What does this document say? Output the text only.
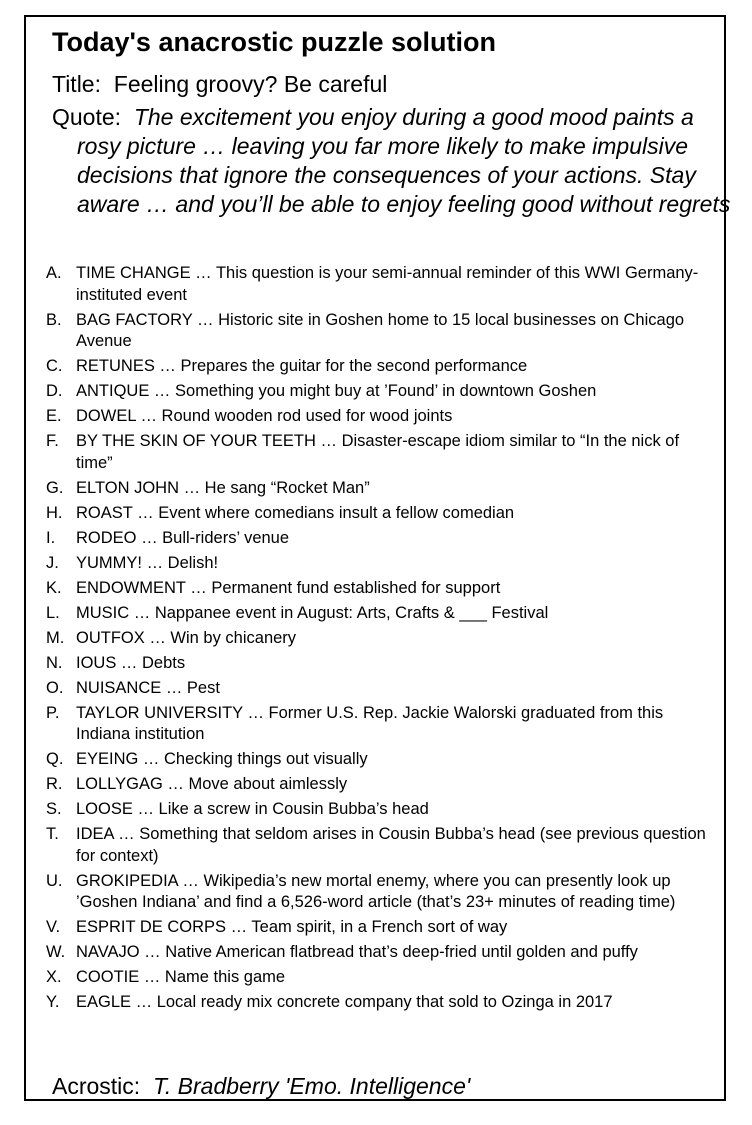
Today's anacrostic puzzle solution
Title: Feeling groovy? Be careful
Quote: The excitement you enjoy during a good mood paints a rosy picture … leaving you far more likely to make impulsive decisions that ignore the consequences of your actions. Stay aware … and you’ll be able to enjoy feeling good without regrets
A. TIME CHANGE … This question is your semi-annual reminder of this WWI Germany-instituted event
B. BAG FACTORY … Historic site in Goshen home to 15 local businesses on Chicago Avenue
C. RETUNES … Prepares the guitar for the second performance
D. ANTIQUE … Something you might buy at ’Found’ in downtown Goshen
E. DOWEL … Round wooden rod used for wood joints
F.	BY THE SKIN OF YOUR TEETH … Disaster-escape idiom similar to “In the nick of time”
G. ELTON JOHN … He sang “Rocket Man”
H. ROAST … Event where comedians insult a fellow comedian
I.	RODEO … Bull-riders’ venue
J.	YUMMY! … Delish!
K. ENDOWMENT … Permanent fund established for support
L. MUSIC … Nappanee event in August: Arts, Crafts & ___ Festival
M. OUTFOX … Win by chicanery
N. IOUS … Debts
O. NUISANCE … Pest
P.	TAYLOR UNIVERSITY … Former U.S. Rep. Jackie Walorski graduated from this Indiana institution
Q. EYEING … Checking things out visually
R. LOLLYGAG … Move about aimlessly
S. LOOSE … Like a screw in Cousin Bubba’s head
T.	IDEA … Something that seldom arises in Cousin Bubba’s head (see previous question for context)
U. GROKIPEDIA … Wikipedia’s new mortal enemy, where you can presently look up ’Goshen Indiana’ and find a 6,526-word article (that’s 23+ minutes of reading time)
V. ESPRIT DE CORPS … Team spirit, in a French sort of way
W. NAVAJO … Native American flatbread that’s deep-fried until golden and puffy
X. COOTIE … Name this game
Y.	EAGLE … Local ready mix concrete company that sold to Ozinga in 2017
Acrostic: T. Bradberry 'Emo. Intelligence'
